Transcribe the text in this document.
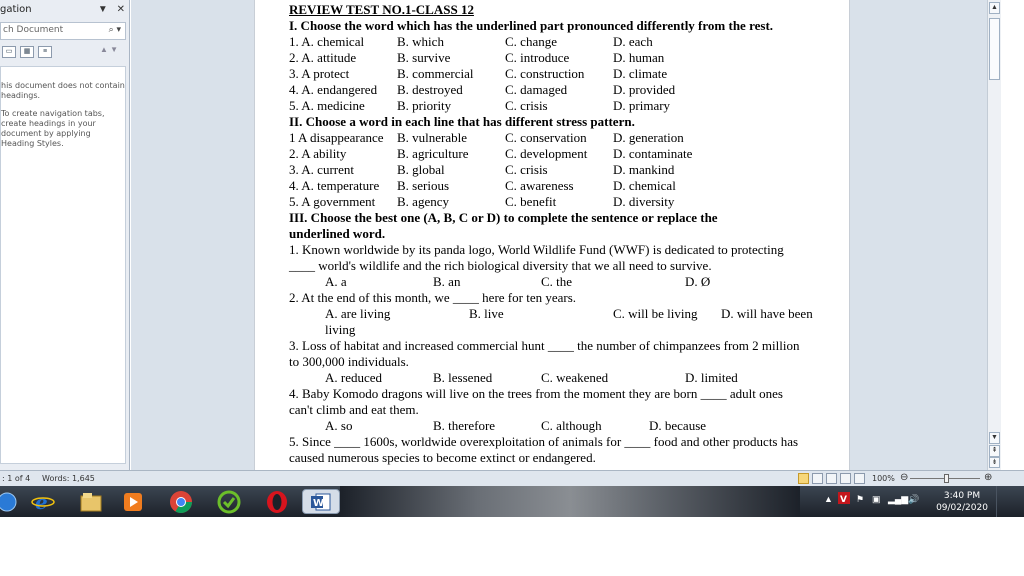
gation	▼ ✕
ch Document	⌕ ▾
▭	▦	≡	▲ ▼

his document does not contain headings.

To create navigation tabs, create headings in your document by applying Heading Styles.

REVIEW TEST NO.1-CLASS 12
I. Choose the word which has the underlined part pronounced differently from the rest.
1. A. chemical	B. which	C. change	D. each
2. A. attitude	B. survive	C. introduce	D. human
3. A protect	B. commercial C. construction D. climate
4. A. endangered B. destroyed	C. damaged	D. provided
5. A. medicine B. priority	C. crisis	D. primary
II. Choose a word in each line that has different stress pattern.
1 A disappearance B. vulnerable	C. conservation D. generation
2. A ability	B. agriculture	C. development D. contaminate
3. A. current	B. global	C. crisis	D. mankind
4. A. temperature B. serious	C. awareness	D. chemical
5. A government B. agency	C. benefit	D. diversity
III. Choose the best one (A, B, C or D) to complete the sentence or replace the
underlined word.
1. Known worldwide by its panda logo, World Wildlife Fund (WWF) is dedicated to protecting
____ world's wildlife and the rich biological diversity that we all need to survive.
A. a	B. an	C. the	D. Ø
2. At the end of this month, we ____ here for ten years.
A. are living	B. live	C. will be living D. will have been
living
3. Loss of habitat and increased commercial hunt ____ the number of chimpanzees from 2 million
to 300,000 individuals.
A. reduced	B. lessened	C. weakened	D. limited
4. Baby Komodo dragons will live on the trees from the moment they are born ____ adult ones
can't climb and eat them.
A. so	B. therefore	C. although	D. because
5. Since ____ 1600s, worldwide overexploitation of animals for ____ food and other products has
caused numerous species to become extinct or endangered.
▲
▼
⇞
⇟
: 1 of 4 Words: 1,645	100% ⊖	⊕
e	W	▲ V ⚑ ▣ ▂▄▆ 🔊	3:40 PM
09/02/2020
